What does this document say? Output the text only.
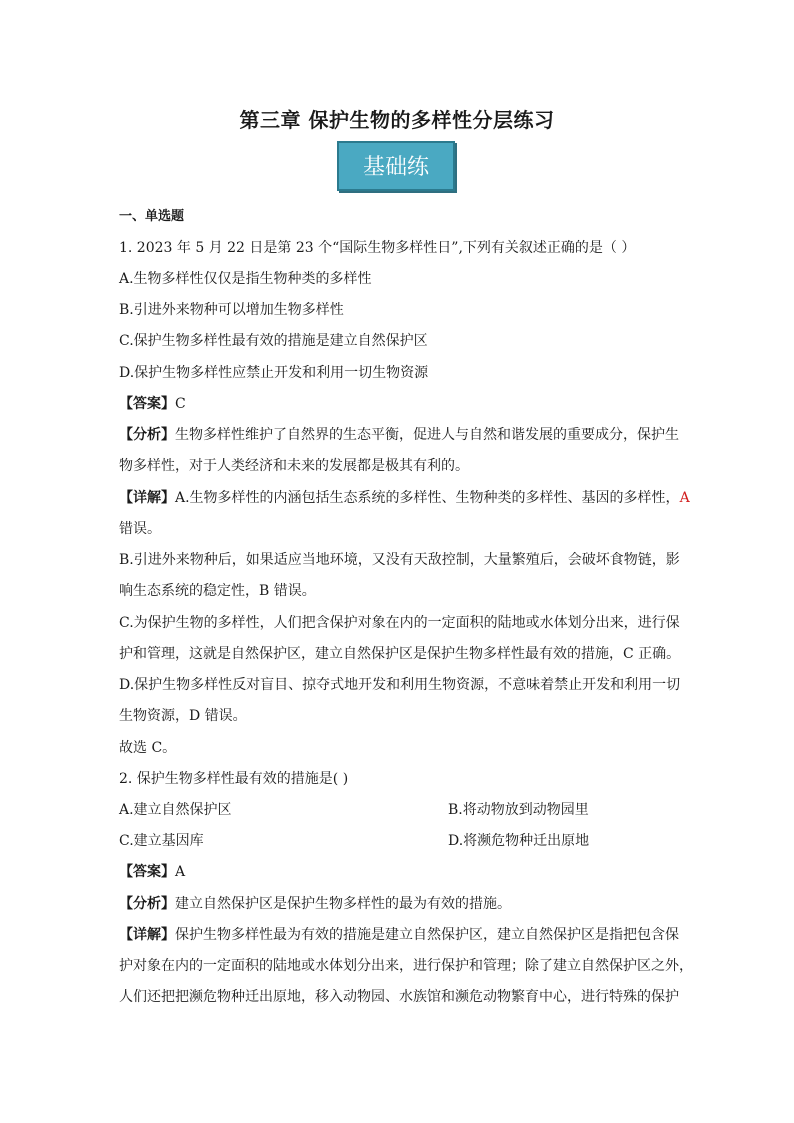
第三章 保护生物的多样性分层练习
基础练
一、单选题
1. 2023 年 5 月 22 日是第 23 个“国际生物多样性日”,下列有关叙述正确的是（ ）
A.生物多样性仅仅是指生物种类的多样性
B.引进外来物种可以增加生物多样性
C.保护生物多样性最有效的措施是建立自然保护区
D.保护生物多样性应禁止开发和利用一切生物资源
【答案】C
【分析】生物多样性维护了自然界的生态平衡，促进人与自然和谐发展的重要成分，保护生
物多样性，对于人类经济和未来的发展都是极其有利的。
【详解】A.生物多样性的内涵包括生态系统的多样性、生物种类的多样性、基因的多样性，A
错误。
B.引进外来物种后，如果适应当地环境，又没有天敌控制，大量繁殖后，会破坏食物链，影
响生态系统的稳定性，B 错误。
C.为保护生物的多样性，人们把含保护对象在内的一定面积的陆地或水体划分出来，进行保
护和管理，这就是自然保护区，建立自然保护区是保护生物多样性最有效的措施，C 正确。
D.保护生物多样性反对盲目、掠夺式地开发和利用生物资源，不意味着禁止开发和利用一切
生物资源，D 错误。
故选 C。
2. 保护生物多样性最有效的措施是( )
A.建立自然保护区	B.将动物放到动物园里
C.建立基因库	D.将濒危物种迁出原地
【答案】A
【分析】建立自然保护区是保护生物多样性的最为有效的措施。
【详解】保护生物多样性最为有效的措施是建立自然保护区，建立自然保护区是指把包含保
护对象在内的一定面积的陆地或水体划分出来，进行保护和管理；除了建立自然保护区之外，
人们还把把濒危物种迁出原地，移入动物园、水族馆和濒危动物繁育中心，进行特殊的保护
